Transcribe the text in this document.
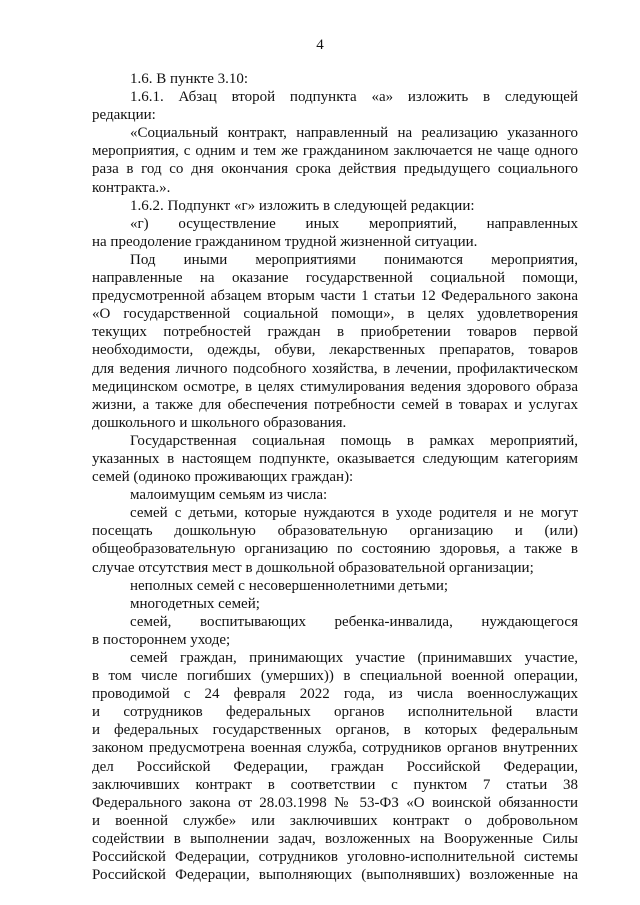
4
1.6. В пункте 3.10:
1.6.1. Абзац второй подпункта «а» изложить в следующей
редакции:
«Социальный контракт, направленный на реализацию указанного
мероприятия, с одним и тем же гражданином заключается не чаще одного
раза в год со дня окончания срока действия предыдущего социального
контракта.».
1.6.2. Подпункт «г» изложить в следующей редакции:
«г) осуществление иных мероприятий, направленных
на преодоление гражданином трудной жизненной ситуации.
Под иными мероприятиями понимаются мероприятия,
направленные на оказание государственной социальной помощи,
предусмотренной абзацем вторым части 1 статьи 12 Федерального закона
«О государственной социальной помощи», в целях удовлетворения
текущих потребностей граждан в приобретении товаров первой
необходимости, одежды, обуви, лекарственных препаратов, товаров
для ведения личного подсобного хозяйства, в лечении, профилактическом
медицинском осмотре, в целях стимулирования ведения здорового образа
жизни, а также для обеспечения потребности семей в товарах и услугах
дошкольного и школьного образования.
Государственная социальная помощь в рамках мероприятий,
указанных в настоящем подпункте, оказывается следующим категориям
семей (одиноко проживающих граждан):
малоимущим семьям из числа:
семей с детьми, которые нуждаются в уходе родителя и не могут
посещать дошкольную образовательную организацию и (или)
общеобразовательную организацию по состоянию здоровья, а также в
случае отсутствия мест в дошкольной образовательной организации;
неполных семей с несовершеннолетними детьми;
многодетных семей;
семей, воспитывающих ребенка-инвалида, нуждающегося
в постороннем уходе;
семей граждан, принимающих участие (принимавших участие,
в том числе погибших (умерших)) в специальной военной операции,
проводимой с 24 февраля 2022 года, из числа военнослужащих
и сотрудников федеральных органов исполнительной власти
и федеральных государственных органов, в которых федеральным
законом предусмотрена военная служба, сотрудников органов внутренних
дел Российской Федерации, граждан Российской Федерации,
заключивших контракт в соответствии с пунктом 7 статьи 38
Федерального закона от 28.03.1998 № 53-ФЗ «О воинской обязанности
и военной службе» или заключивших контракт о добровольном
содействии в выполнении задач, возложенных на Вооруженные Силы
Российской Федерации, сотрудников уголовно-исполнительной системы
Российской Федерации, выполняющих (выполнявших) возложенные на
